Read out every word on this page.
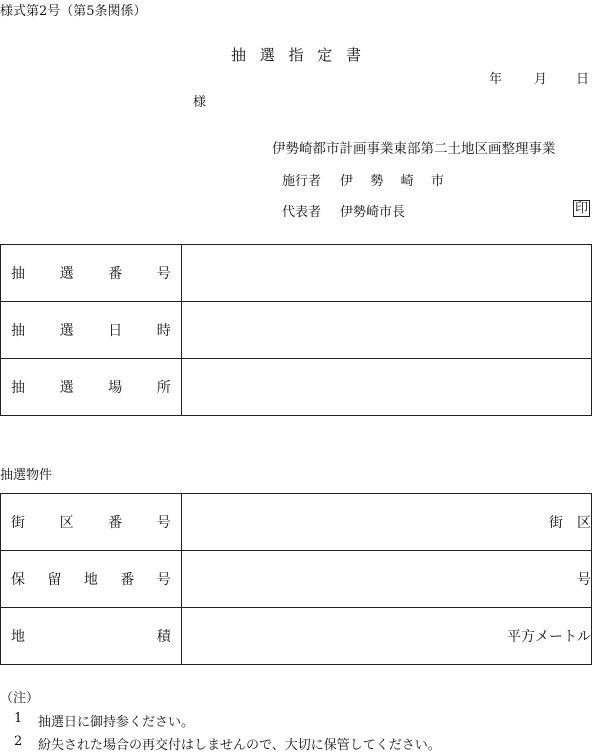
様式第2号（第5条関係）
抽 選 指 定 書
年 月 日
様
伊勢崎都市計画事業東部第二土地区画整理事業
施行者 伊 勢 崎 市
代表者 伊勢崎市長	印
抽 選 番 号	

抽 選 日 時	

抽 選 場 所	

抽選物件
街 区 番 号	街　区

保 留 地 番 号	号

地 積	平方メートル
（注）
1 抽選日に御持参ください。
2 紛失された場合の再交付はしませんので、大切に保管してください。
